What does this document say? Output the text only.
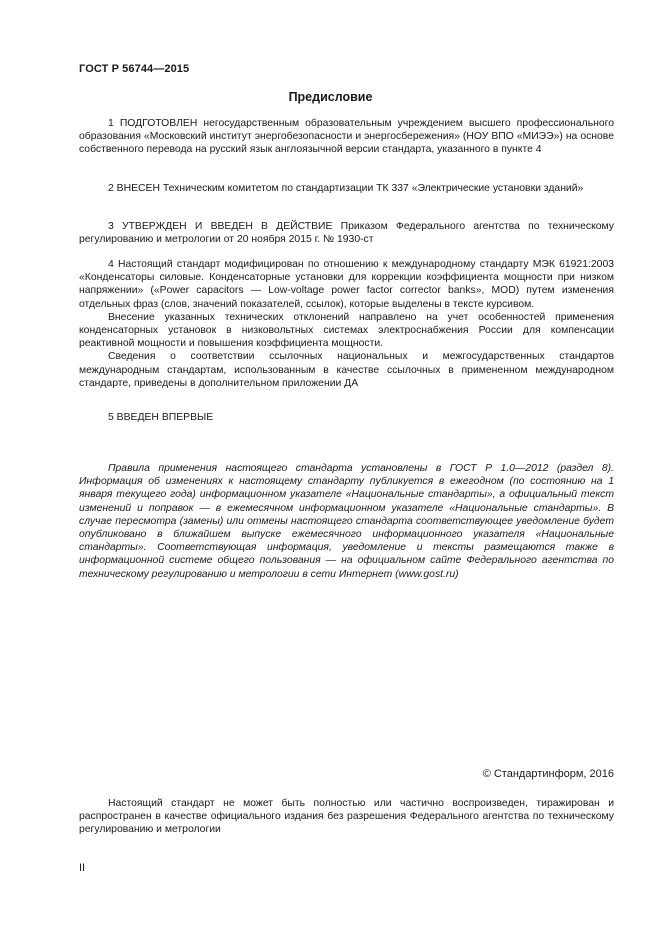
ГОСТ Р 56744—2015
Предисловие

1 ПОДГОТОВЛЕН негосударственным образовательным учреждением высшего профессионального образования «Московский институт энергобезопасности и энергосбережения» (НОУ ВПО «МИЭЭ») на основе собственного перевода на русский язык англоязычной версии стандарта, указанного в пункте 4

2 ВНЕСЕН Техническим комитетом по стандартизации ТК 337 «Электрические установки зданий»

3 УТВЕРЖДЕН И ВВЕДЕН В ДЕЙСТВИЕ Приказом Федерального агентства по техническому регулированию и метрологии от 20 ноября 2015 г. № 1930-ст

4 Настоящий стандарт модифицирован по отношению к международному стандарту МЭК 61921:2003 «Конденсаторы силовые. Конденсаторные установки для коррекции коэффициента мощности при низком напряжении» («Power capacitors — Low-voltage power factor corrector banks», MOD) путем изменения отдельных фраз (слов, значений показателей, ссылок), которые выделены в тексте курсивом.

Внесение указанных технических отклонений направлено на учет особенностей применения конденсаторных установок в низковольтных системах электроснабжения России для компенсации реактивной мощности и повышения коэффициента мощности.

Сведения о соответствии ссылочных национальных и межгосударственных стандартов международным стандартам, использованным в качестве ссылочных в примененном международном стандарте, приведены в дополнительном приложении ДА

5 ВВЕДЕН ВПЕРВЫЕ

Правила применения настоящего стандарта установлены в ГОСТ Р 1.0—2012 (раздел 8). Информация об изменениях к настоящему стандарту публикуется в ежегодном (по состоянию на 1 января текущего года) информационном указателе «Национальные стандарты», а официальный текст изменений и поправок — в ежемесячном информационном указателе «Национальные стандарты». В случае пересмотра (замены) или отмены настоящего стандарта соответствующее уведомление будет опубликовано в ближайшем выпуске ежемесячного информационного указателя «Национальные стандарты». Соответствующая информация, уведомление и тексты размещаются также в информационной системе общего пользования — на официальном сайте Федерального агентства по техническому регулированию и метрологии в сети Интернет (www.gost.ru)

© Стандартинформ, 2016

Настоящий стандарт не может быть полностью или частично воспроизведен, тиражирован и распространен в качестве официального издания без разрешения Федерального агентства по техническому регулированию и метрологии

II
